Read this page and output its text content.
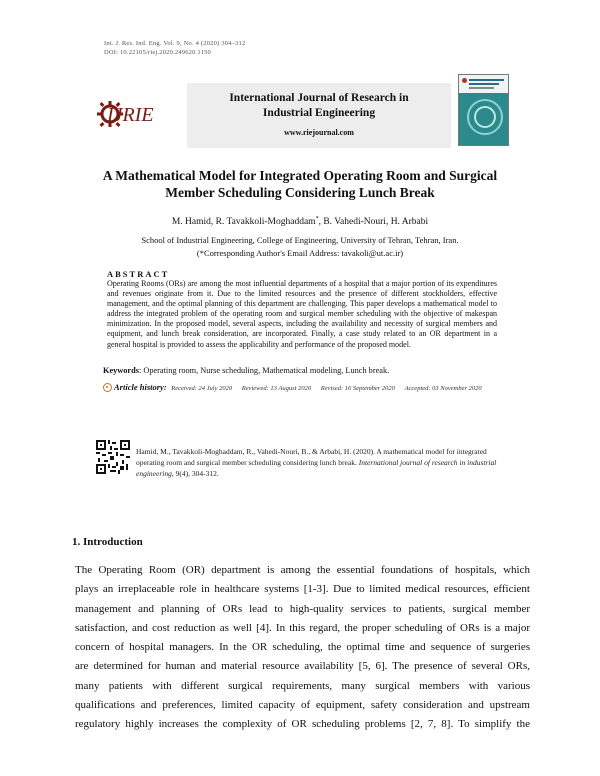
Int. J. Res. Ind. Eng. Vol. 9, No. 4 (2020) 304–312
DOI: 10.22105/riej.2020.249620.1150
IJRIE
International Journal of Research in
Industrial Engineering
www.riejournal.com
A Mathematical Model for Integrated Operating Room and Surgical
Member Scheduling Considering Lunch Break
M. Hamid, R. Tavakkoli-Moghaddam*, B. Vahedi-Nouri, H. Arbabi
School of Industrial Engineering, College of Engineering, University of Tehran, Tehran, Iran.
(*Corresponding Author's Email Address: tavakoli@ut.ac.ir)
ABSTRACT
Operating Rooms (ORs) are among the most influential departments of a hospital that a major portion of its expenditures and revenues originate from it. Due to the limited resources and the presence of different stockholders, effective management, and the optimal planning of this department are challenging. This paper develops a mathematical model to address the integrated problem of the operating room and surgical member scheduling with the objective of makespan minimization. In the proposed model, several aspects, including the availability and necessity of surgical members and equipment, and lunch break consideration, are incorporated. Finally, a case study related to an OR department in a general hospital is provided to assess the applicability and performance of the proposed model.
Keywords: Operating room, Nurse scheduling, Mathematical modeling, Lunch break.
Article history: Received: 24 July 2020 Reviewed: 13 August 2020 Revised: 16 September 2020 Accepted: 03 November 2020
Hamid, M., Tavakkoli-Moghaddam, R., Vahedi-Nouri, B., & Arbabi, H. (2020). A mathematical model for integrated operating room and surgical member scheduling considering lunch break. International journal of research in industrial engineering, 9(4), 304-312.
1. Introduction
The Operating Room (OR) department is among the essential foundations of hospitals, which
plays an irreplaceable role in healthcare systems [1-3]. Due to limited medical resources, efficient
management and planning of ORs lead to high-quality services to patients, surgical member
satisfaction, and cost reduction as well [4]. In this regard, the proper scheduling of ORs is a major
concern of hospital managers. In the OR scheduling, the optimal time and sequence of surgeries
are determined for human and material resource availability [5, 6]. The presence of several ORs,
many patients with different surgical requirements, many surgical members with various
qualifications and preferences, limited capacity of equipment, safety consideration and upstream
regulatory highly increases the complexity of OR scheduling problems [2, 7, 8]. To simplify the
